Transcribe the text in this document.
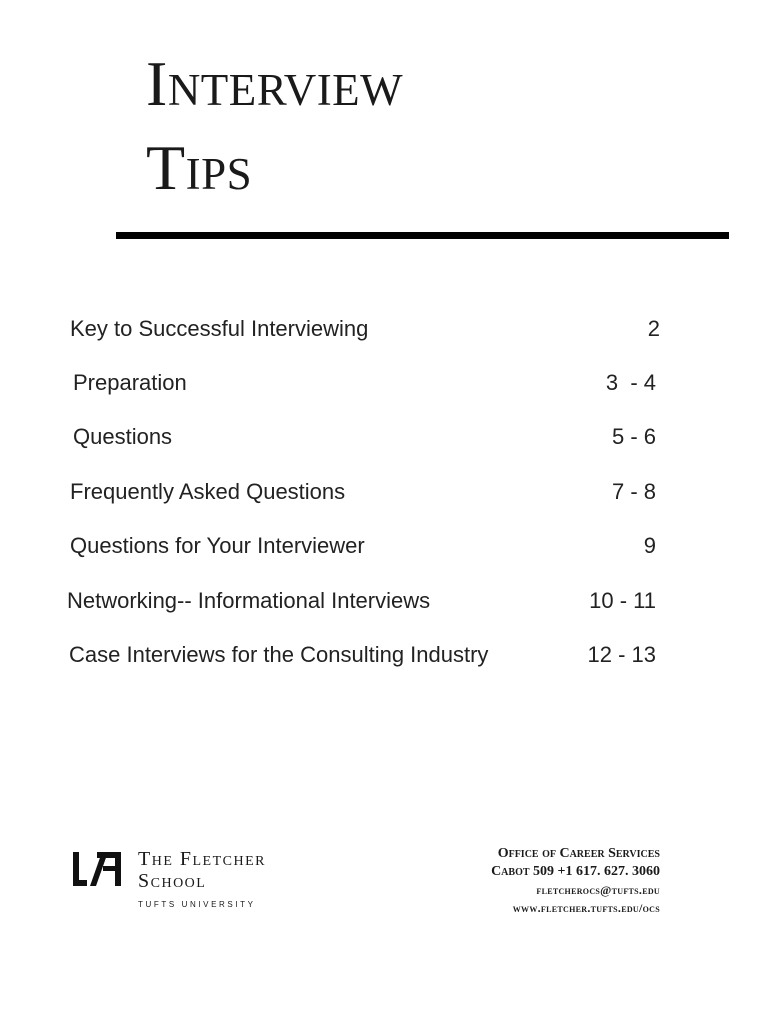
Interview
Tips
Key to Successful Interviewing	2
Preparation	3  - 4
Questions	5 - 6
Frequently Asked Questions	7 - 8
Questions for Your Interviewer	9
Networking-- Informational Interviews	10 - 11
Case Interviews for the Consulting Industry	12 - 13
The Fletcher
School
TUFTS UNIVERSITY
Office of Career Services
Cabot 509 +1 617. 627. 3060
fletcherocs@tufts.edu
www.fletcher.tufts.edu/ocs
